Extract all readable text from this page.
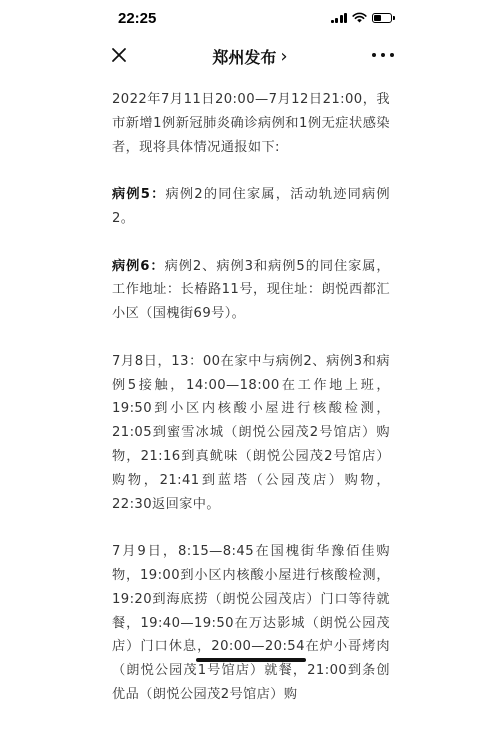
22:25
郑州发布 ›

2022年7月11日20:00—7月12日21:00，我市新增1例新冠肺炎确诊病例和1例无症状感染者，现将具体情况通报如下:

病例5：病例2的同住家属，活动轨迹同病例2。

病例6：病例2、病例3和病例5的同住家属，工作地址：长椿路11号，现住址：朗悦西都汇小区（国槐街69号）。

7月8日，13：00在家中与病例2、病例3和病例5接触，14:00—18:00在工作地上班，19:50到小区内核酸小屋进行核酸检测，21:05到蜜雪冰城（朗悦公园茂2号馆店）购物，21:16到真鱿味（朗悦公园茂2号馆店）购物，21:41到蓝塔（公园茂店）购物，22:30返回家中。

7月9日，8:15—8:45在国槐街华豫佰佳购物，19:00到小区内核酸小屋进行核酸检测，19:20到海底捞（朗悦公园茂店）门口等待就餐，19:40—19:50在万达影城（朗悦公园茂店）门口休息，20:00—20:54在炉小哥烤肉（朗悦公园茂1号馆店）就餐，21:00到条创优品（朗悦公园茂2号馆店）购
